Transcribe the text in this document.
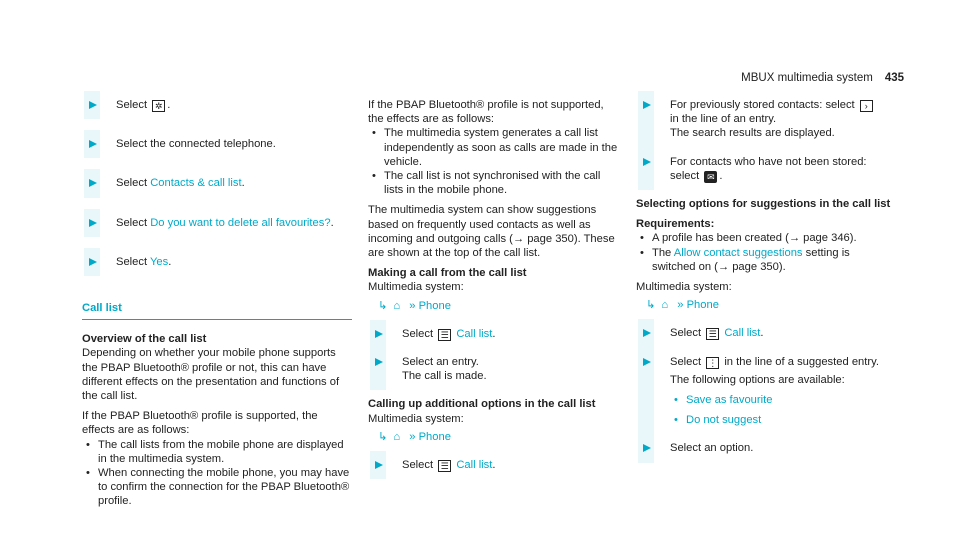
MBUX multimedia system 435
Select ✲ .
Select the connected telephone.
Select Contacts & call list.
Select Do you want to delete all favourites?.
Select Yes.
Call list
Overview of the call list
Depending on whether your mobile phone supports the PBAP Bluetooth® profile or not, this can have different effects on the presentation and functions of the call list.
If the PBAP Bluetooth® profile is supported, the effects are as follows:
• The call lists from the mobile phone are displayed in the multimedia system.
• When connecting the mobile phone, you may have to confirm the connection for the PBAP Bluetooth® profile.
If the PBAP Bluetooth® profile is not supported, the effects are as follows:
• The multimedia system generates a call list independently as soon as calls are made in the vehicle.
• The call list is not synchronised with the call lists in the mobile phone.
The multimedia system can show suggestions based on frequently used contacts as well as incoming and outgoing calls (→ page 350). These are shown at the top of the call list.
Making a call from the call list
Multimedia system:
↳ ⌂ » Phone
Select ☰ Call list.
Select an entry.
The call is made.
Calling up additional options in the call list
Multimedia system:
↳ ⌂ » Phone
Select ☰ Call list.
For previously stored contacts: select ›
in the line of an entry.
The search results are displayed.
For contacts who have not been stored:
select ✉ .
Selecting options for suggestions in the call list
Requirements:
• A profile has been created (→ page 346).
• The Allow contact suggestions setting is switched on (→ page 350).
Multimedia system:
↳ ⌂ » Phone
Select ☰ Call list.
Select ⋮ in the line of a suggested entry.
The following options are available:
• Save as favourite
• Do not suggest
Select an option.
